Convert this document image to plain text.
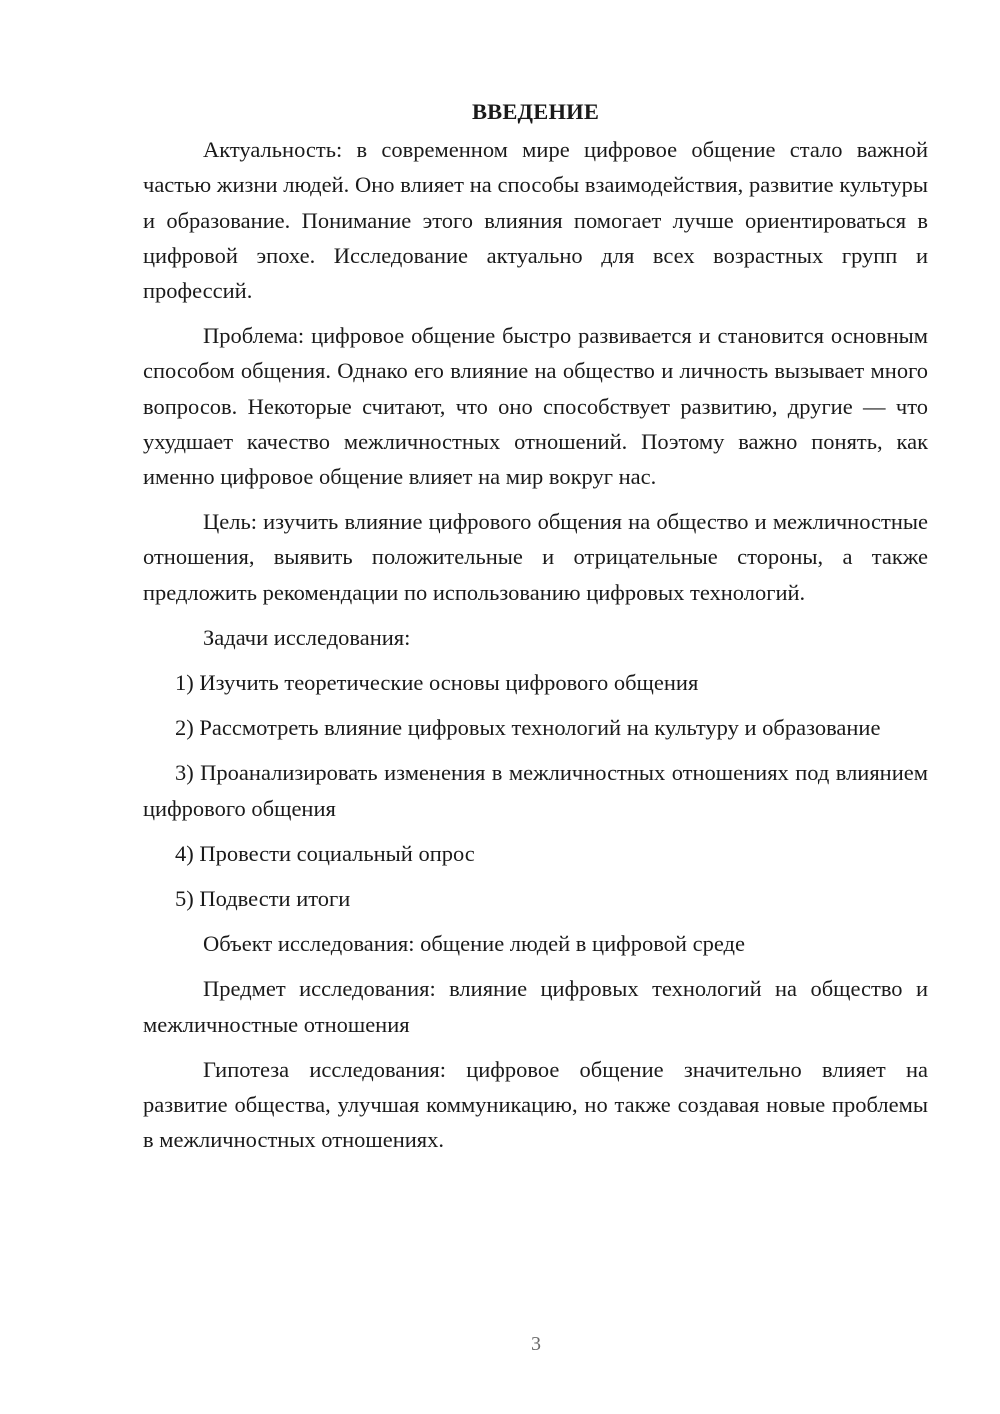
ВВЕДЕНИЕ

Актуальность: в современном мире цифровое общение стало важной частью жизни людей. Оно влияет на способы взаимодействия, развитие культуры и образование. Понимание этого влияния помогает лучше ориентироваться в цифровой эпохе. Исследование актуально для всех возрастных групп и профессий.

Проблема: цифровое общение быстро развивается и становится основным способом общения. Однако его влияние на общество и личность вызывает много вопросов. Некоторые считают, что оно способствует развитию, другие — что ухудшает качество межличностных отношений. Поэтому важно понять, как именно цифровое общение влияет на мир вокруг нас.

Цель: изучить влияние цифрового общения на общество и межличностные отношения, выявить положительные и отрицательные стороны, а также предложить рекомендации по использованию цифровых технологий.

Задачи исследования:

1) Изучить теоретические основы цифрового общения
2) Рассмотреть влияние цифровых технологий на культуру и образование
3) Проанализировать изменения в межличностных отношениях под влиянием цифрового общения
4) Провести социальный опрос
5) Подвести итоги

Объект исследования: общение людей в цифровой среде

Предмет исследования: влияние цифровых технологий на общество и межличностные отношения

Гипотеза исследования: цифровое общение значительно влияет на развитие общества, улучшая коммуникацию, но также создавая новые проблемы в межличностных отношениях.

3
